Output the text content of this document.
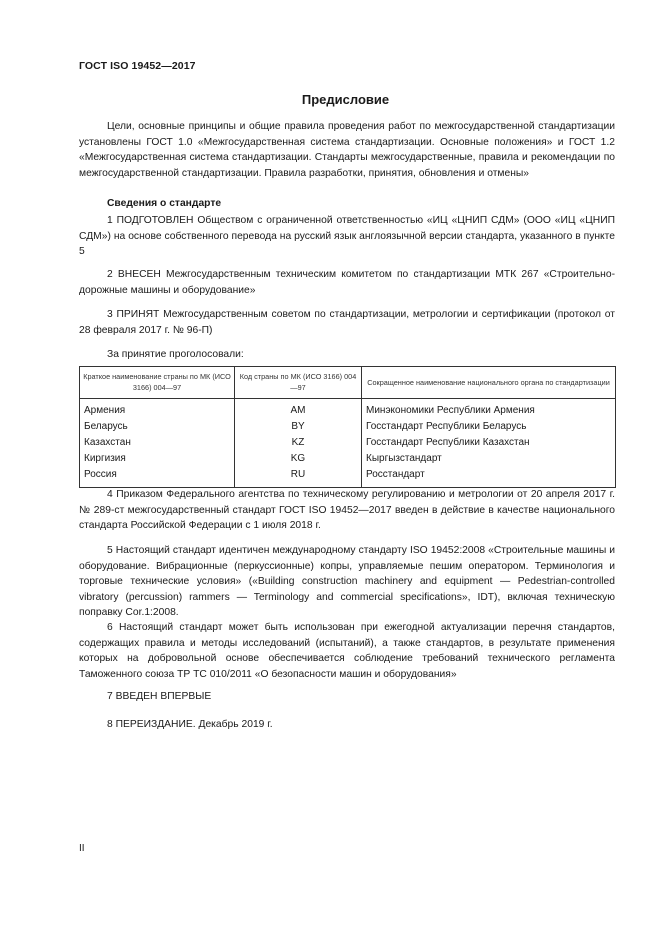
ГОСТ ISO 19452—2017
Предисловие
Цели, основные принципы и общие правила проведения работ по межгосударственной стандартизации установлены ГОСТ 1.0 «Межгосударственная система стандартизации. Основные положения» и ГОСТ 1.2 «Межгосударственная система стандартизации. Стандарты межгосударственные, правила и рекомендации по межгосударственной стандартизации. Правила разработки, принятия, обновления и отмены»
Сведения о стандарте
1 ПОДГОТОВЛЕН Обществом с ограниченной ответственностью «ИЦ «ЦНИП СДМ» (ООО «ИЦ «ЦНИП СДМ») на основе собственного перевода на русский язык англоязычной версии стандарта, указанного в пункте 5
2 ВНЕСЕН Межгосударственным техническим комитетом по стандартизации МТК 267 «Строительно-дорожные машины и оборудование»
3 ПРИНЯТ Межгосударственным советом по стандартизации, метрологии и сертификации (протокол от 28 февраля 2017 г. № 96-П)
За принятие проголосовали:
Краткое наименование страны по МК (ИСО 3166) 004—97	Код страны по МК (ИСО 3166) 004—97	Сокращенное наименование национального органа по стандартизации
Армения	AM	Минэкономики Республики Армения
Беларусь	BY	Госстандарт Республики Беларусь
Казахстан	KZ	Госстандарт Республики Казахстан
Киргизия	KG	Кыргызстандарт
Россия	RU	Росстандарт
4 Приказом Федерального агентства по техническому регулированию и метрологии от 20 апреля 2017 г. № 289-ст межгосударственный стандарт ГОСТ ISO 19452—2017 введен в действие в качестве национального стандарта Российской Федерации с 1 июля 2018 г.
5 Настоящий стандарт идентичен международному стандарту ISO 19452:2008 «Строительные машины и оборудование. Вибрационные (перкуссионные) копры, управляемые пешим оператором. Терминология и торговые технические условия» («Building construction machinery and equipment — Pedestrian-controlled vibratory (percussion) rammers — Terminology and commercial specifications», IDT), включая техническую поправку Cor.1:2008.
6 Настоящий стандарт может быть использован при ежегодной актуализации перечня стандартов, содержащих правила и методы исследований (испытаний), а также стандартов, в результате применения которых на добровольной основе обеспечивается соблюдение требований технического регламента Таможенного союза ТР ТС 010/2011 «О безопасности машин и оборудования»
7 ВВЕДЕН ВПЕРВЫЕ
8 ПЕРЕИЗДАНИЕ. Декабрь 2019 г.
II
